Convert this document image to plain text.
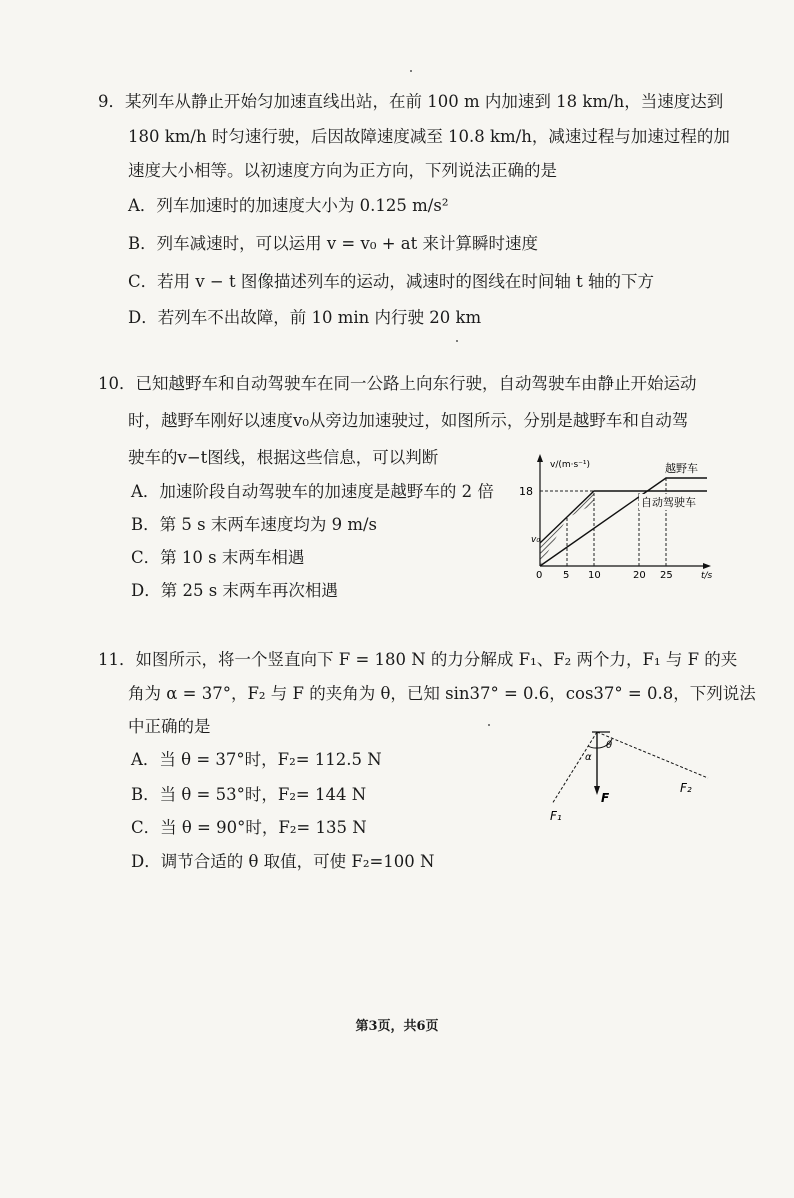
9．某列车从静止开始匀加速直线出站，在前 100 m 内加速到 18 km/h，当速度达到
180 km/h 时匀速行驶，后因故障速度减至 10.8 km/h，减速过程与加速过程的加
速度大小相等。以初速度方向为正方向，下列说法正确的是
A．列车加速时的加速度大小为 0.125 m/s²
B．列车减速时，可以运用 v = v₀ + at 来计算瞬时速度
C．若用 v − t 图像描述列车的运动，减速时的图线在时间轴 t 轴的下方
D．若列车不出故障，前 10 min 内行驶 20 km
10．已知越野车和自动驾驶车在同一公路上向东行驶，自动驾驶车由静止开始运动
时，越野车刚好以速度v₀从旁边加速驶过，如图所示，分别是越野车和自动驾
驶车的v−t图线，根据这些信息，可以判断
A．加速阶段自动驾驶车的加速度是越野车的 2 倍
B．第 5 s 末两车速度均为 9 m/s
C．第 10 s 末两车相遇
D．第 25 s 末两车再次相遇
v/(m·s⁻¹)
t/s
18
v₀
越野车
自动驾驶车
0 5 10	20 25
11．如图所示，将一个竖直向下 F = 180 N 的力分解成 F₁、F₂ 两个力，F₁ 与 F 的夹
角为 α = 37°，F₂ 与 F 的夹角为 θ，已知 sin37° = 0.6，cos37° = 0.8，下列说法
中正确的是
A．当 θ = 37°时，F₂= 112.5 N
B．当 θ = 53°时，F₂= 144 N
C．当 θ = 90°时，F₂= 135 N
D．调节合适的 θ 取值，可使 F₂=100 N
α
θ
F
F₁
F₂
第3页，共6页
